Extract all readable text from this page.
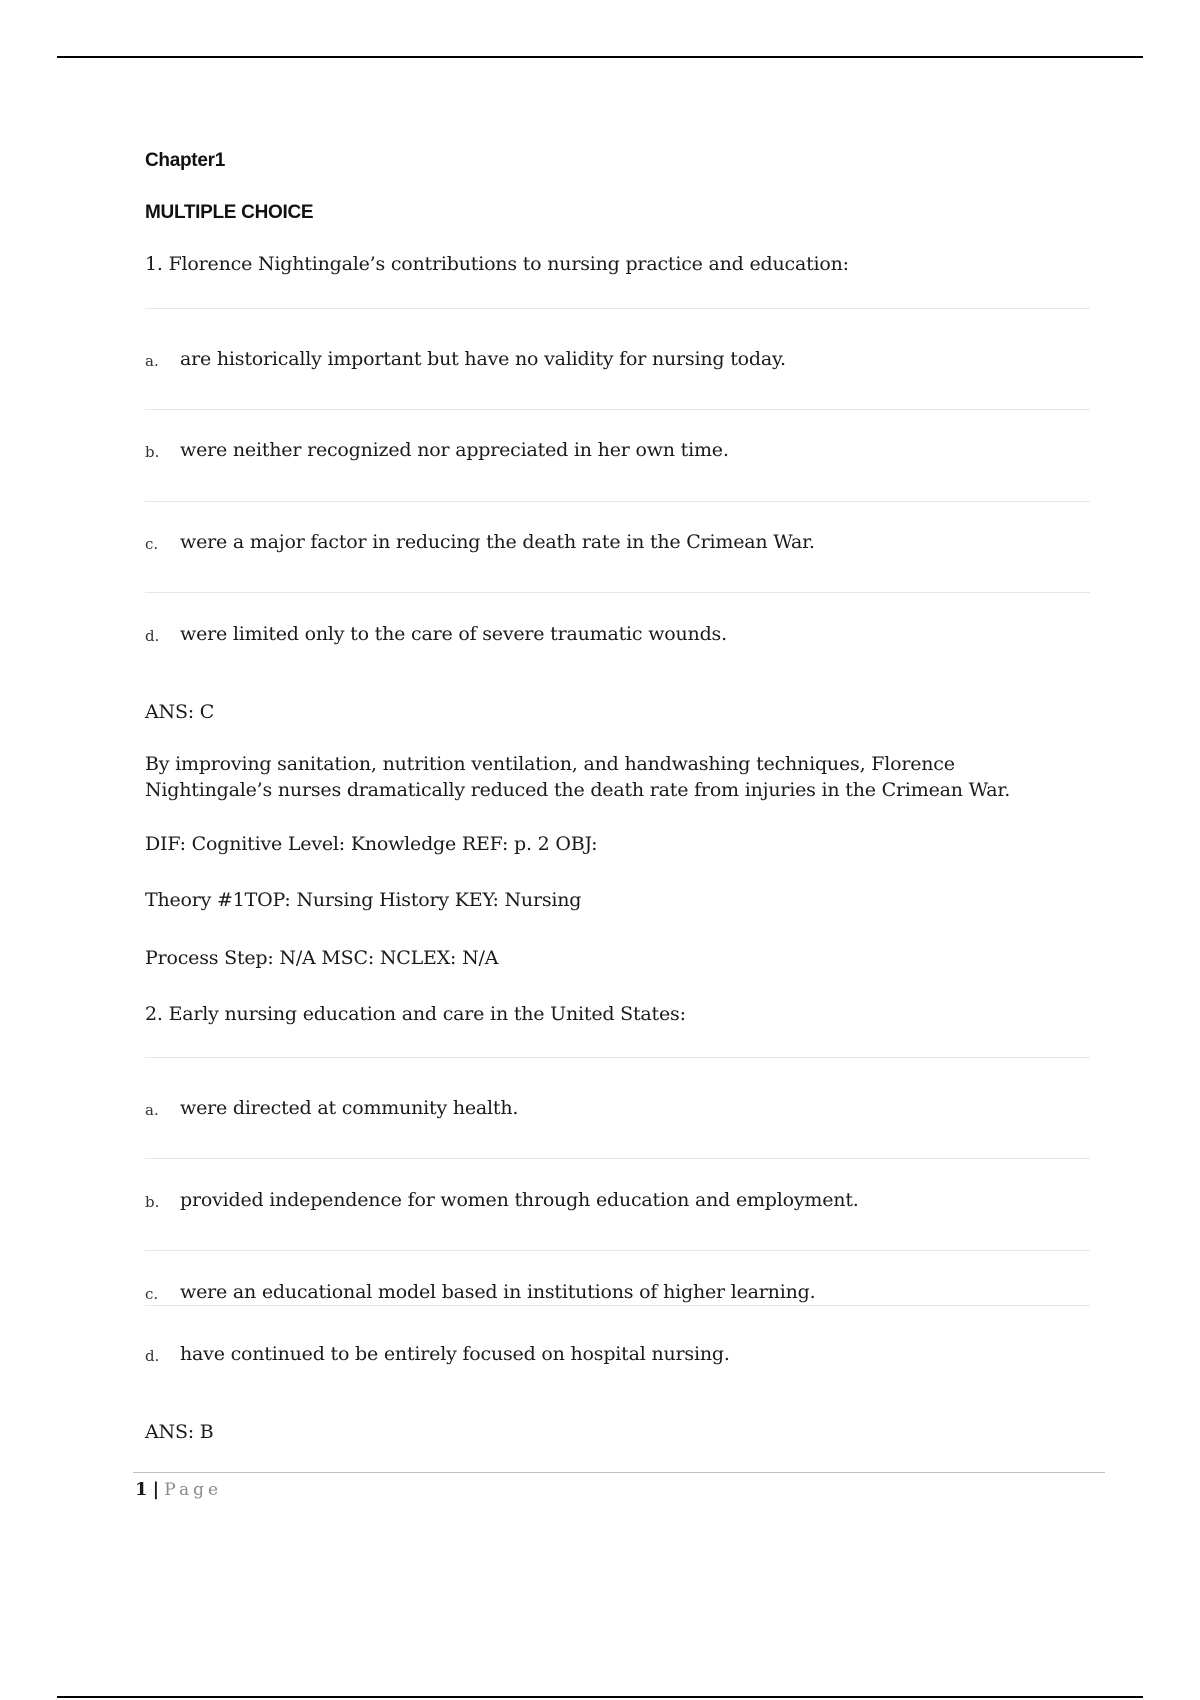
Chapter1
MULTIPLE CHOICE
1. Florence Nightingale’s contributions to nursing practice and education:
a. are historically important but have no validity for nursing today.
b. were neither recognized nor appreciated in her own time.
c. were a major factor in reducing the death rate in the Crimean War.
d. were limited only to the care of severe traumatic wounds.
ANS: C
By improving sanitation, nutrition ventilation, and handwashing techniques, Florence Nightingale’s nurses dramatically reduced the death rate from injuries in the Crimean War.
DIF: Cognitive Level: Knowledge REF: p. 2 OBJ:
Theory #1TOP: Nursing History KEY: Nursing
Process Step: N/A MSC: NCLEX: N/A
2. Early nursing education and care in the United States:
a. were directed at community health.
b. provided independence for women through education and employment.
c. were an educational model based in institutions of higher learning.
d. have continued to be entirely focused on hospital nursing.
ANS: B
1 | Page
